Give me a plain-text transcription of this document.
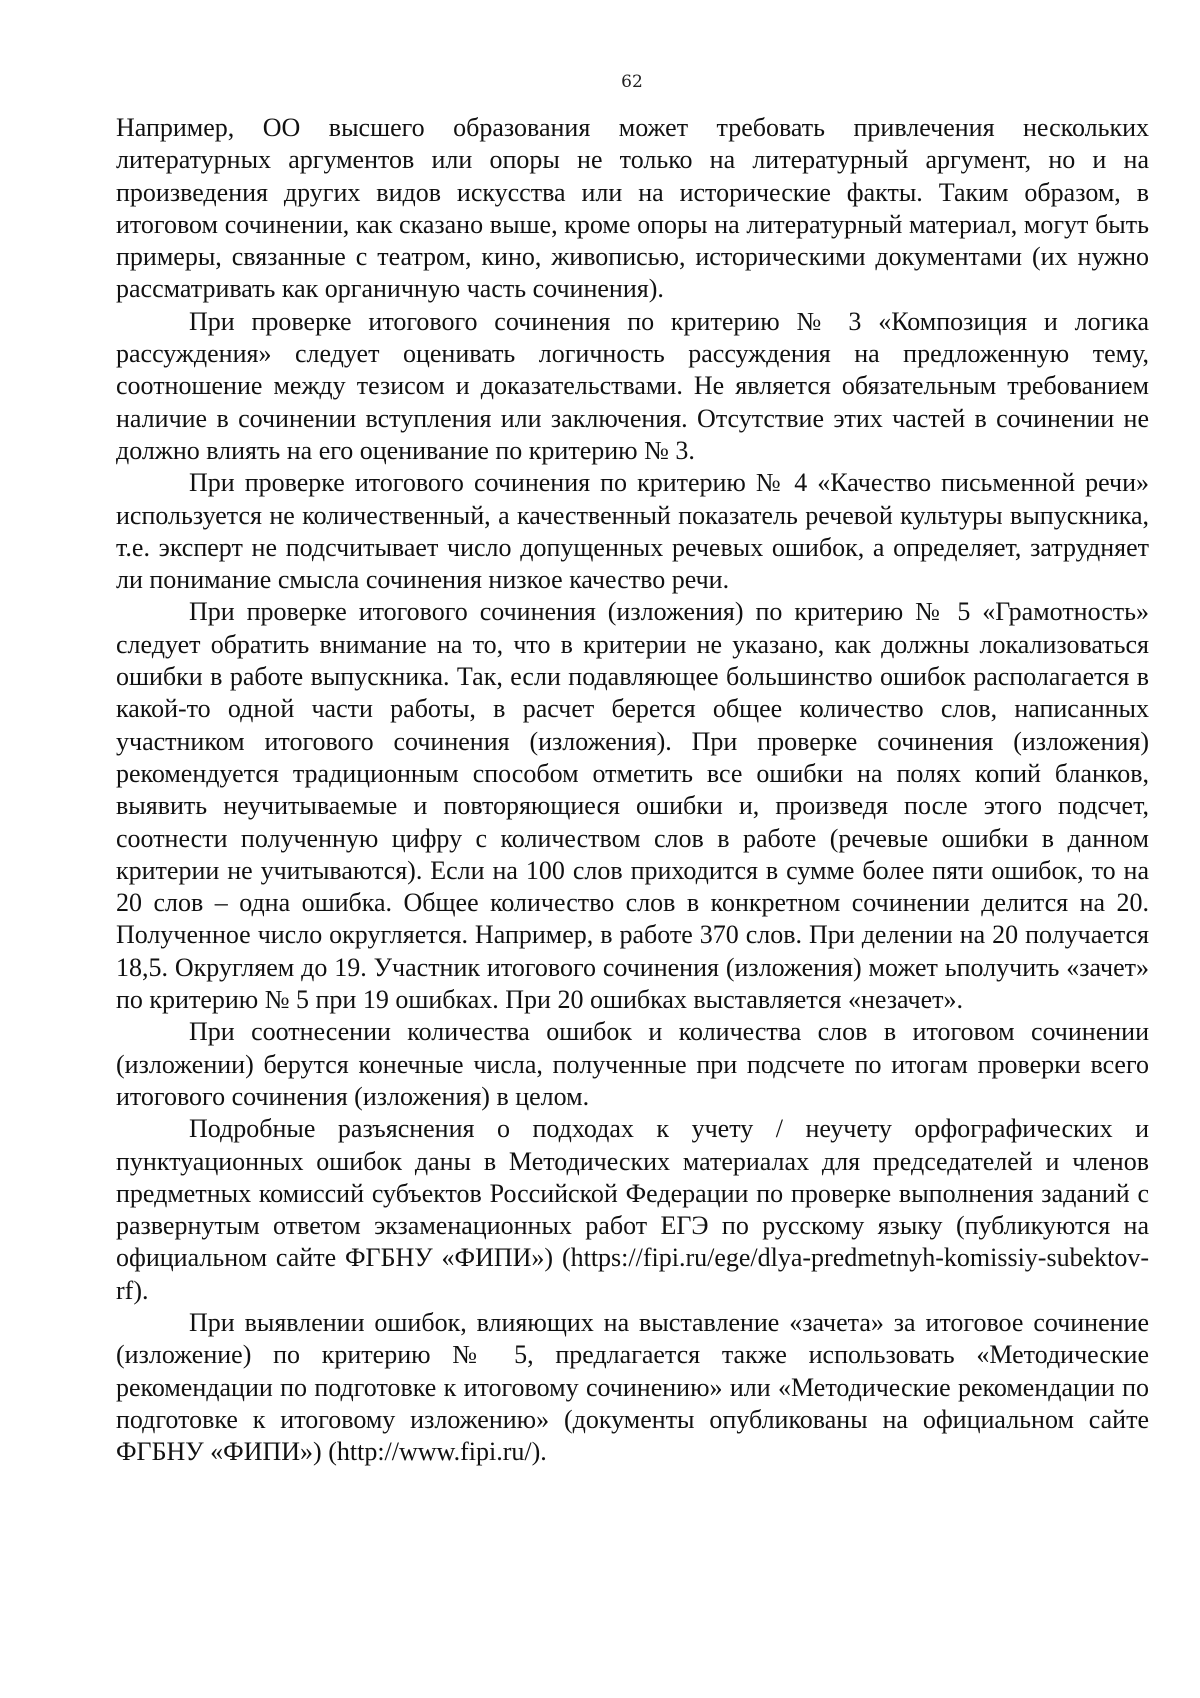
62

Например, ОО высшего образования может требовать привлечения нескольких литературных аргументов или опоры не только на литературный аргумент, но и на произведения других видов искусства или на исторические факты. Таким образом, в итоговом сочинении, как сказано выше, кроме опоры на литературный материал, могут быть примеры, связанные с театром, кино, живописью, историческими документами (их нужно рассматривать как органичную часть сочинения).

При проверке итогового сочинения по критерию № 3 «Композиция и логика рассуждения» следует оценивать логичность рассуждения на предложенную тему, соотношение между тезисом и доказательствами. Не является обязательным требованием наличие в сочинении вступления или заключения. Отсутствие этих частей в сочинении не должно влиять на его оценивание по критерию № 3.

При проверке итогового сочинения по критерию № 4 «Качество письменной речи» используется не количественный, а качественный показатель речевой культуры выпускника, т.е. эксперт не подсчитывает число допущенных речевых ошибок, а определяет, затрудняет ли понимание смысла сочинения низкое качество речи.

При проверке итогового сочинения (изложения) по критерию № 5 «Грамотность» следует обратить внимание на то, что в критерии не указано, как должны локализоваться ошибки в работе выпускника. Так, если подавляющее большинство ошибок располагается в какой-то одной части работы, в расчет берется общее количество слов, написанных участником итогового сочинения (изложения). При проверке сочинения (изложения) рекомендуется традиционным способом отметить все ошибки на полях копий бланков, выявить неучитываемые и повторяющиеся ошибки и, произведя после этого подсчет, соотнести полученную цифру с количеством слов в работе (речевые ошибки в данном критерии не учитываются). Если на 100 слов приходится в сумме более пяти ошибок, то на 20 слов – одна ошибка. Общее количество слов в конкретном сочинении делится на 20. Полученное число округляется. Например, в работе 370 слов. При делении на 20 получается 18,5. Округляем до 19. Участник итогового сочинения (изложения) может ьполучить «зачет» по критерию № 5 при 19 ошибках. При 20 ошибках выставляется «незачет».

При соотнесении количества ошибок и количества слов в итоговом сочинении (изложении) берутся конечные числа, полученные при подсчете по итогам проверки всего итогового сочинения (изложения) в целом.

Подробные разъяснения о подходах к учету / неучету орфографических и пунктуационных ошибок даны в Методических материалах для председателей и членов предметных комиссий субъектов Российской Федерации по проверке выполнения заданий с развернутым ответом экзаменационных работ ЕГЭ по русскому языку (публикуются на официальном сайте ФГБНУ «ФИПИ») (https://fipi.ru/ege/dlya-predmetnyh-komissiy-subektov-rf).

При выявлении ошибок, влияющих на выставление «зачета» за итоговое сочинение (изложение) по критерию № 5, предлагается также использовать «Методические рекомендации по подготовке к итоговому сочинению» или «Методические рекомендации по подготовке к итоговому изложению» (документы опубликованы на официальном сайте ФГБНУ «ФИПИ») (http://www.fipi.ru/).
